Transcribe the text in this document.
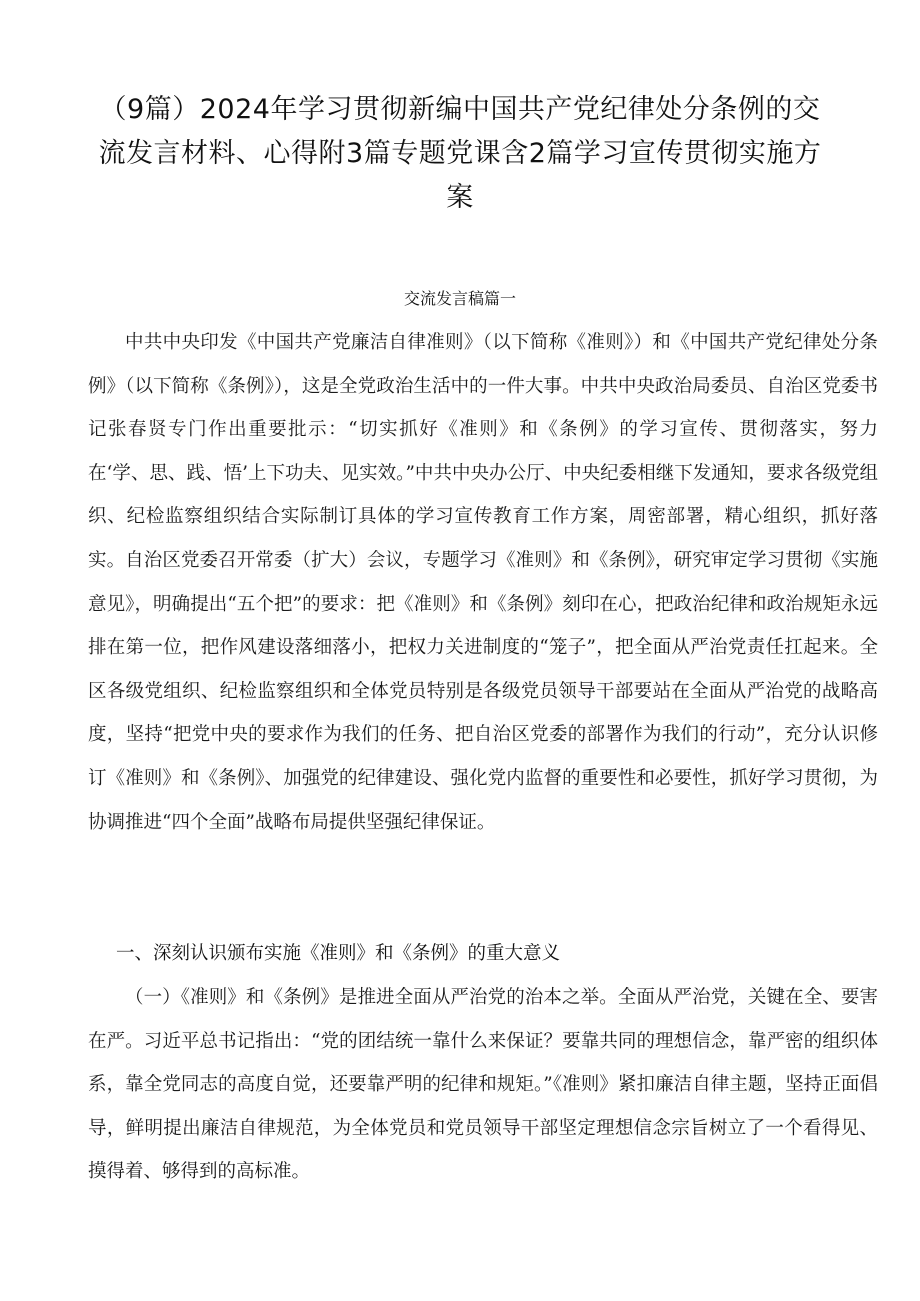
（9篇）2024年学习贯彻新编中国共产党纪律处分条例的交流发言材料、心得附3篇专题党课含2篇学习宣传贯彻实施方案
交流发言稿篇一

中共中央印发《中国共产党廉洁自律准则》（以下简称《准则》）和《中国共产党纪律处分条例》（以下简称《条例》），这是全党政治生活中的一件大事。中共中央政治局委员、自治区党委书记张春贤专门作出重要批示：“切实抓好《准则》和《条例》的学习宣传、贯彻落实，努力在‘学、思、践、悟’上下功夫、见实效。”中共中央办公厅、中央纪委相继下发通知，要求各级党组织、纪检监察组织结合实际制订具体的学习宣传教育工作方案，周密部署，精心组织，抓好落实。自治区党委召开常委（扩大）会议，专题学习《准则》和《条例》，研究审定学习贯彻《实施意见》，明确提出“五个把”的要求：把《准则》和《条例》刻印在心，把政治纪律和政治规矩永远排在第一位，把作风建设落细落小，把权力关进制度的“笼子”，把全面从严治党责任扛起来。全区各级党组织、纪检监察组织和全体党员特别是各级党员领导干部要站在全面从严治党的战略高度，坚持“把党中央的要求作为我们的任务、把自治区党委的部署作为我们的行动”，充分认识修订《准则》和《条例》、加强党的纪律建设、强化党内监督的重要性和必要性，抓好学习贯彻，为协调推进“四个全面”战略布局提供坚强纪律保证。

一、深刻认识颁布实施《准则》和《条例》的重大意义

（一）《准则》和《条例》是推进全面从严治党的治本之举。全面从严治党，关键在全、要害在严。习近平总书记指出：“党的团结统一靠什么来保证？要靠共同的理想信念，靠严密的组织体系，靠全党同志的高度自觉，还要靠严明的纪律和规矩。”《准则》紧扣廉洁自律主题，坚持正面倡导，鲜明提出廉洁自律规范，为全体党员和党员领导干部坚定理想信念宗旨树立了一个看得见、摸得着、够得到的高标准。
